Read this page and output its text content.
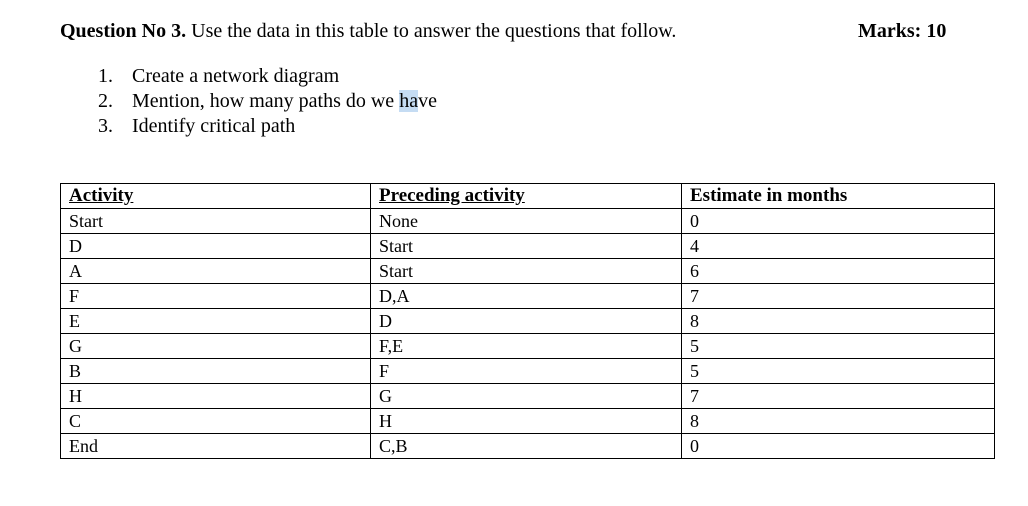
Question No 3. Use the data in this table to answer the questions that follow.	Marks: 10
1. Create a network diagram
2. Mention, how many paths do we have
3. Identify critical path
Activity	Preceding activity	Estimate in months
Start	None	0
D	Start	4
A	Start	6
F	D,A	7
E	D	8
G	F,E	5
B	F	5
H	G	7
C	H	8
End	C,B	0
